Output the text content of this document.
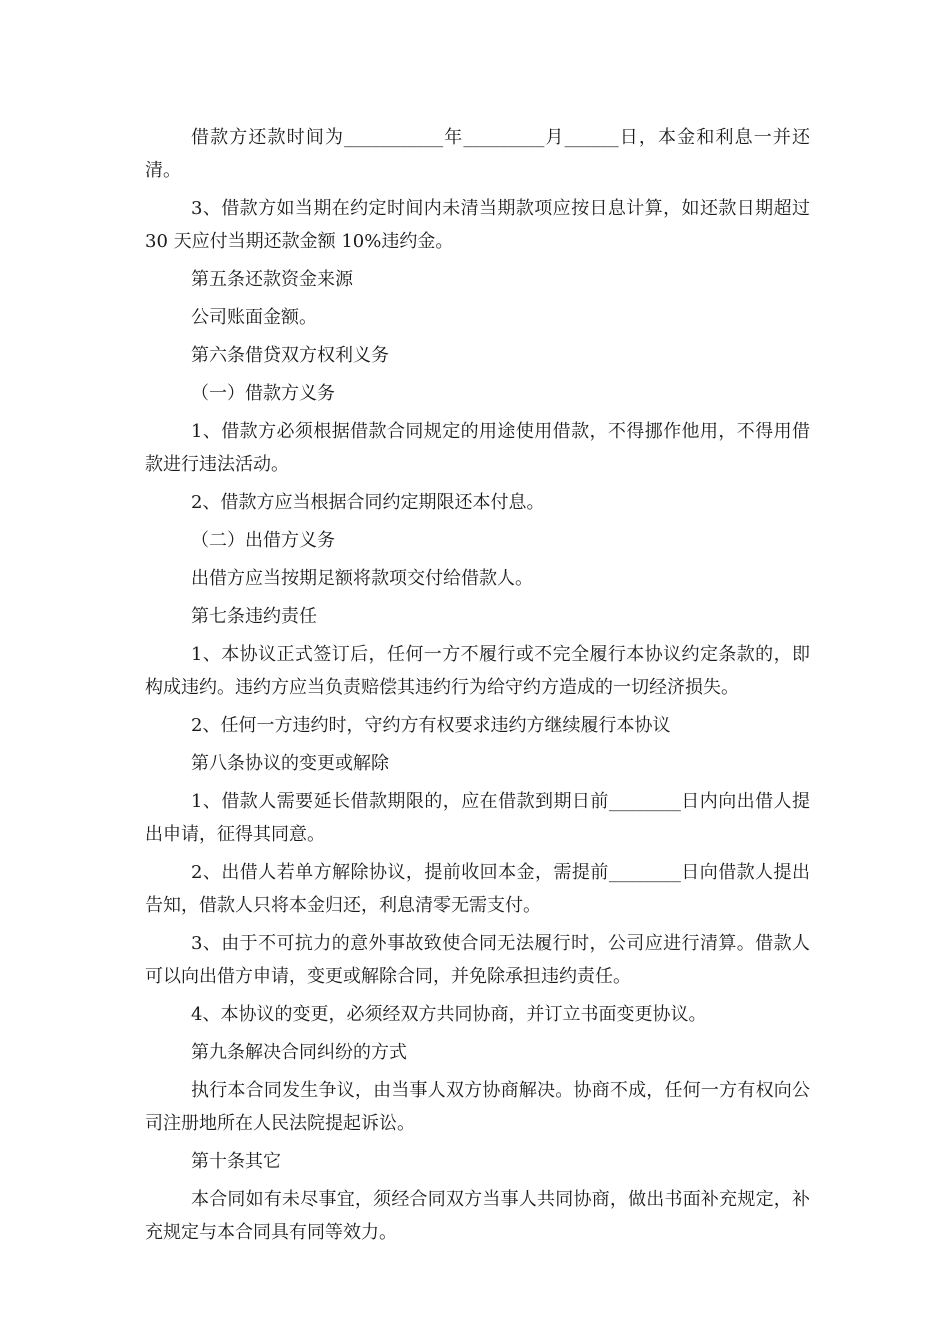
借款方还款时间为___________年_________月______日，本金和利息一并还清。

3、借款方如当期在约定时间内未清当期款项应按日息计算，如还款日期超过 30 天应付当期还款金额 10%违约金。

第五条还款资金来源

公司账面金额。

第六条借贷双方权利义务

（一）借款方义务

1、借款方必须根据借款合同规定的用途使用借款，不得挪作他用，不得用借款进行违法活动。

2、借款方应当根据合同约定期限还本付息。

（二）出借方义务

出借方应当按期足额将款项交付给借款人。

第七条违约责任

1、本协议正式签订后，任何一方不履行或不完全履行本协议约定条款的，即构成违约。违约方应当负责赔偿其违约行为给守约方造成的一切经济损失。

2、任何一方违约时，守约方有权要求违约方继续履行本协议

第八条协议的变更或解除

1、借款人需要延长借款期限的，应在借款到期日前________日内向出借人提出申请，征得其同意。

2、出借人若单方解除协议，提前收回本金，需提前________日向借款人提出告知，借款人只将本金归还，利息清零无需支付。

3、由于不可抗力的意外事故致使合同无法履行时，公司应进行清算。借款人可以向出借方申请，变更或解除合同，并免除承担违约责任。

4、本协议的变更，必须经双方共同协商，并订立书面变更协议。

第九条解决合同纠纷的方式

执行本合同发生争议，由当事人双方协商解决。协商不成，任何一方有权向公司注册地所在人民法院提起诉讼。

第十条其它

本合同如有未尽事宜，须经合同双方当事人共同协商，做出书面补充规定，补充规定与本合同具有同等效力。
